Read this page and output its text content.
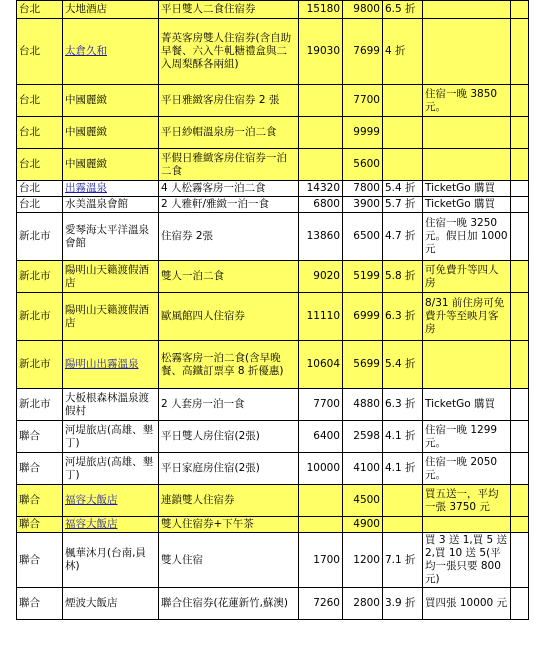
台北	大地酒店	平日雙人二食住宿券	15180	9800	6.5 折		
台北	太倉久和	菁英客房雙人住宿券(含自助早餐、六入牛軋糖禮盒與二入周梨酥各兩組)	19030	7699	4 折		
台北	中國麗緻	平日雅緻客房住宿券 2 張		7700		住宿一晚 3850 元。	
台北	中國麗緻	平日紗帽溫泉房一泊二食		9999			
台北	中國麗緻	平假日雅緻客房住宿券一泊二食		5600			
台北	出霧溫泉	4 人松霧客房一泊二食	14320	7800	5.4 折	TicketGo 購買	
台北	水美溫泉會館	2 人雅軒/雅緻一泊一食	6800	3900	5.7 折	TicketGo 購買	
新北市	愛琴海太平洋溫泉會館	住宿券 2張	13860	6500	4.7 折	住宿一晚 3250 元。假日加 1000 元	
新北市	陽明山天籟渡假酒店	雙人一泊二食	9020	5199	5.8 折	可免費升等四人房	
新北市	陽明山天籟渡假酒店	歐風館四人住宿券	11110	6999	6.3 折	8/31 前住房可免費升等至映月客房	
新北市	陽明山出霧溫泉	松霧客房一泊二食(含早晚餐、高鐵訂票享 8 折優惠)	10604	5699	5.4 折		
新北市	大板根森林溫泉渡假村	2 人套房一泊一食	7700	4880	6.3 折	TicketGo 購買	
聯合	河堤旅店(高雄、墾丁)	平日雙人房住宿(2張)	6400	2598	4.1 折	住宿一晚 1299 元。	
聯合	河堤旅店(高雄、墾丁)	平日家庭房住宿(2張)	10000	4100	4.1 折	住宿一晚 2050 元。	
聯合	福容大飯店	連鎖雙人住宿券		4500		買五送一，平均一張 3750 元	
聯合	福容大飯店	雙人住宿券+下午茶		4900			
聯合	楓華沐月(台南,員林)	雙人住宿	1700	1200	7.1 折	買 3 送 1,買 5 送 2,買 10 送 5(平均一張只要 800 元)	
聯合	煙波大飯店	聯合住宿券(花蓮新竹,蘇澳)	7260	2800	3.9 折	買四張 10000 元	
